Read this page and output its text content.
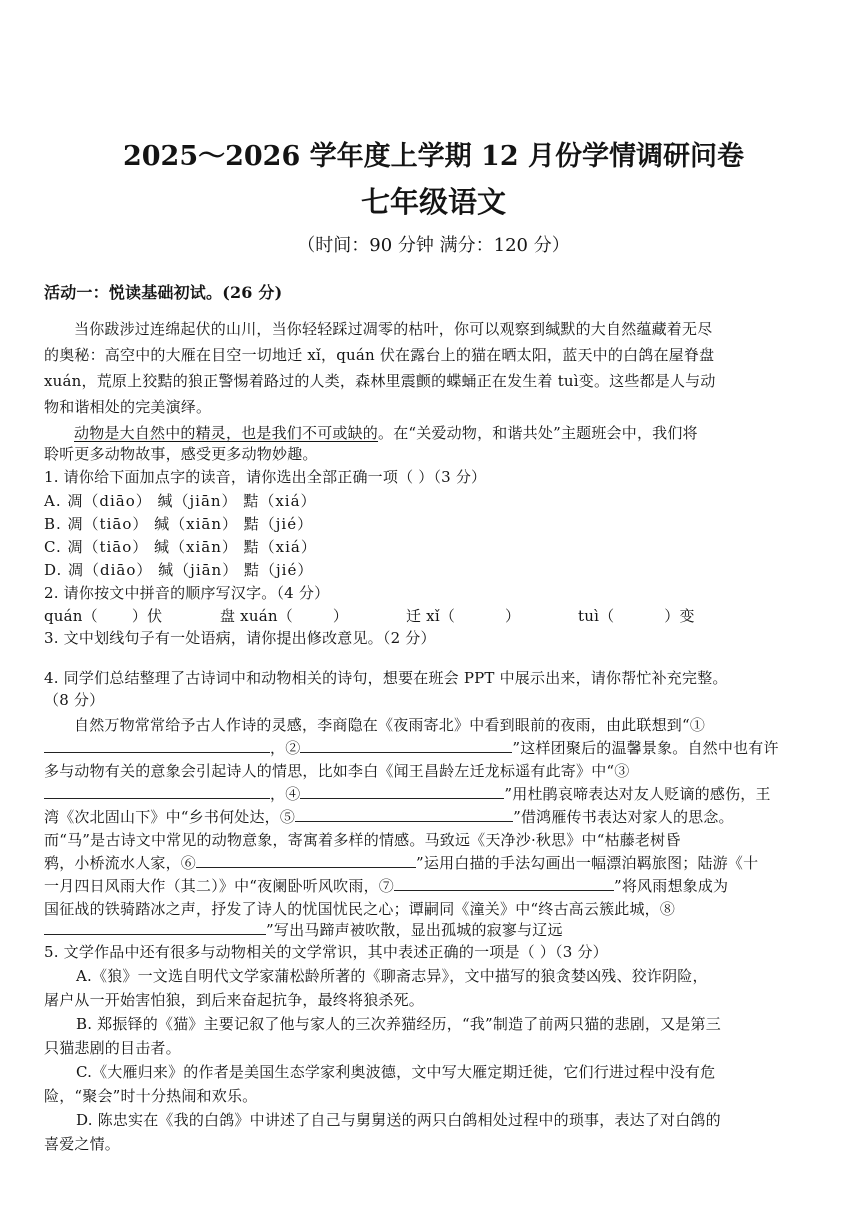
2025～2026 学年度上学期 12 月份学情调研问卷
七年级语文
（时间：90 分钟 满分：120 分）
活动一：悦读基础初试。(26 分)
当你跋涉过连绵起伏的山川，当你轻轻踩过凋零的枯叶，你可以观察到缄默的大自然蕴藏着无尽
的奥秘：高空中的大雁在目空一切地迁 xǐ，quán 伏在露台上的猫在晒太阳，蓝天中的白鸽在屋脊盘
xuán，荒原上狡黠的狼正警惕着路过的人类，森林里震颤的蝶蛹正在发生着 tuì变。这些都是人与动
物和谐相处的完美演绎。
动物是大自然中的精灵，也是我们不可或缺的。在“关爱动物，和谐共处”主题班会中，我们将
聆听更多动物故事，感受更多动物妙趣。
1. 请你给下面加点字的读音，请你选出全部正确一项（ ）（3 分）
A. 凋（diāo） 缄（jiān） 黠（xiá）
B. 凋（tiāo） 缄（xiān） 黠（jié）
C. 凋（tiāo） 缄（xiān） 黠（xiá）
D. 凋（diāo） 缄（jiān） 黠（jié）
2. 请你按文中拼音的顺序写汉字。（4 分）
quán（ ）伏	盘 xuán（	）	迁 xǐ（	）	tuì（	）变
3. 文中划线句子有一处语病，请你提出修改意见。（2 分）
4. 同学们总结整理了古诗词中和动物相关的诗句，想要在班会 PPT 中展示出来，请你帮忙补充完整。
（8 分）
自然万物常常给予古人作诗的灵感，李商隐在《夜雨寄北》中看到眼前的夜雨，由此联想到“①
，②	”这样团聚后的温馨景象。自然中也有许
多与动物有关的意象会引起诗人的情思，比如李白《闻王昌龄左迁龙标遥有此寄》中“③
，④	”用杜鹃哀啼表达对友人贬谪的感伤，王
湾《次北固山下》中“乡书何处达，⑤	”借鸿雁传书表达对家人的思念。
而“马”是古诗文中常见的动物意象，寄寓着多样的情感。马致远《天净沙·秋思》中“枯藤老树昏
鸦，小桥流水人家，⑥	”运用白描的手法勾画出一幅漂泊羁旅图；陆游《十
一月四日风雨大作（其二）》中“夜阑卧听风吹雨，⑦	”将风雨想象成为
国征战的铁骑踏冰之声，抒发了诗人的忧国忧民之心；谭嗣同《潼关》中“终古高云簇此城，⑧
”写出马蹄声被吹散，显出孤城的寂寥与辽远
5. 文学作品中还有很多与动物相关的文学常识，其中表述正确的一项是（ ）（3 分）
A.《狼》一文选自明代文学家蒲松龄所著的《聊斋志异》，文中描写的狼贪婪凶残、狡诈阴险，
屠户从一开始害怕狼，到后来奋起抗争，最终将狼杀死。
B. 郑振铎的《猫》主要记叙了他与家人的三次养猫经历，“我”制造了前两只猫的悲剧，又是第三
只猫悲剧的目击者。
C.《大雁归来》的作者是美国生态学家利奥波德，文中写大雁定期迁徙，它们行进过程中没有危
险，“聚会”时十分热闹和欢乐。
D. 陈忠实在《我的白鸽》中讲述了自己与舅舅送的两只白鸽相处过程中的琐事，表达了对白鸽的
喜爱之情。
